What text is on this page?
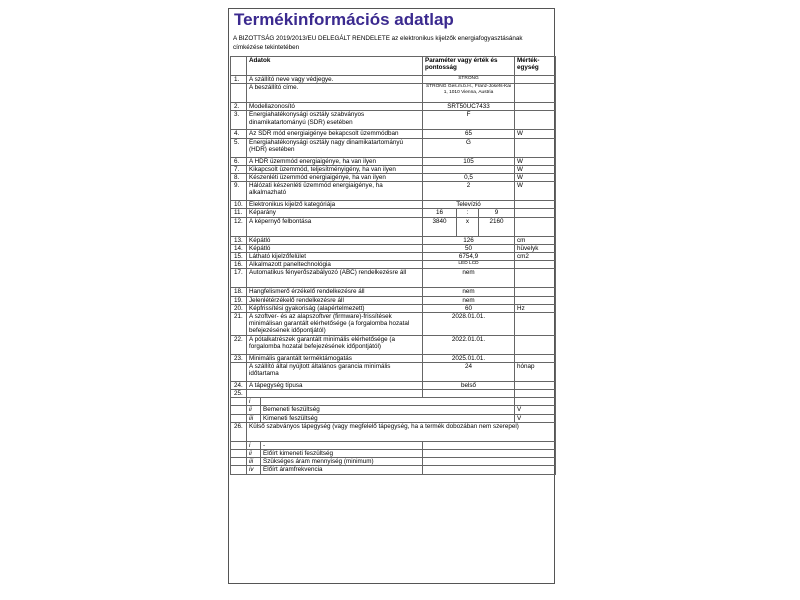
Termékinformációs adatlap
A BIZOTTSÁG 2019/2013/EU DELEGÁLT RENDELETE az elektronikus kijelzők energiafogyasztásának címkézése tekintetében
	Adatok		Paraméter vagy érték és pontosság			Mérték-egység
1.	A szállító neve vagy védjegye.		STRONG			
	A beszállító címe.		STRONG Ges.m.b.H., Franz-Josefs-Kai 1, 1010 Vienna, Austria			
2.	Modellazonosító		SRT50UC7433			
3.	Energiahatékonysági osztály szabványos dinamikatartományú (SDR) esetében		F			
4.	Az SDR mód energiaigénye bekapcsolt üzemmódban		65			W
5.	Energiahatékonysági osztály nagy dinamikatartományú (HDR) esetében		G			
6.	A HDR üzemmód energiaigénye, ha van ilyen		105			W
7.	Kikapcsolt üzemmód, teljesítményigény, ha van ilyen					W
8.	Készenléti üzemmód energiaigénye, ha van ilyen		0,5			W
9.	Hálózati készenléti üzemmód energiaigénye, ha alkalmazható		2			W
10.	Elektronikus kijelző kategóriája		Televízió			
11.	Képarány		16	:	9	
12.	A képernyő felbontása		3840	x	2160	
13.	Képátló		126			cm
14.	Képátló		50			hüvelyk
15.	Látható kijelzőfelület		6754,9			cm2
16.	Alkalmazott paneltechnológia		LED LCD			
17.	Automatikus fényerőszabályozó (ABC) rendelkezésre áll		nem			
18.	Hangfelismerő érzékelő rendelkezésre áll		nem			
19.	Jelenlétérzékelő rendelkezésre áll		nem			
20.	Képfrissítési gyakoriság (alapértelmezett)		60			Hz
21.	A szoftver- és az alapszoftver (firmware)-frissítések minimálisan garantált elérhetősége (a forgalomba hozatal befejezésének időpontjától)		2028.01.01.			
22.	A pótalkatrészek garantált minimális elérhetősége (a forgalomba hozatal befejezésének időpontjától)		2022.01.01.			
23.	Minimális garantált terméktámogatás		2025.01.01.			
	A szállító által nyújtott általános garancia minimális időtartama		24			hónap
24.	A tápegység típusa		belső			
25.						
	i					
	ii	Bemeneti feszültség				V
	iii	Kimeneti feszültség				V
26.	Külső szabványos tápegység (vagy megfelelő tápegység, ha a termék dobozában nem szerepel)					
	i	-				
	ii	Előírt kimeneti feszültség				
	iii	Szükséges áram mennyiség (minimum)				
	iv	Előírt áramfrekvencia				
